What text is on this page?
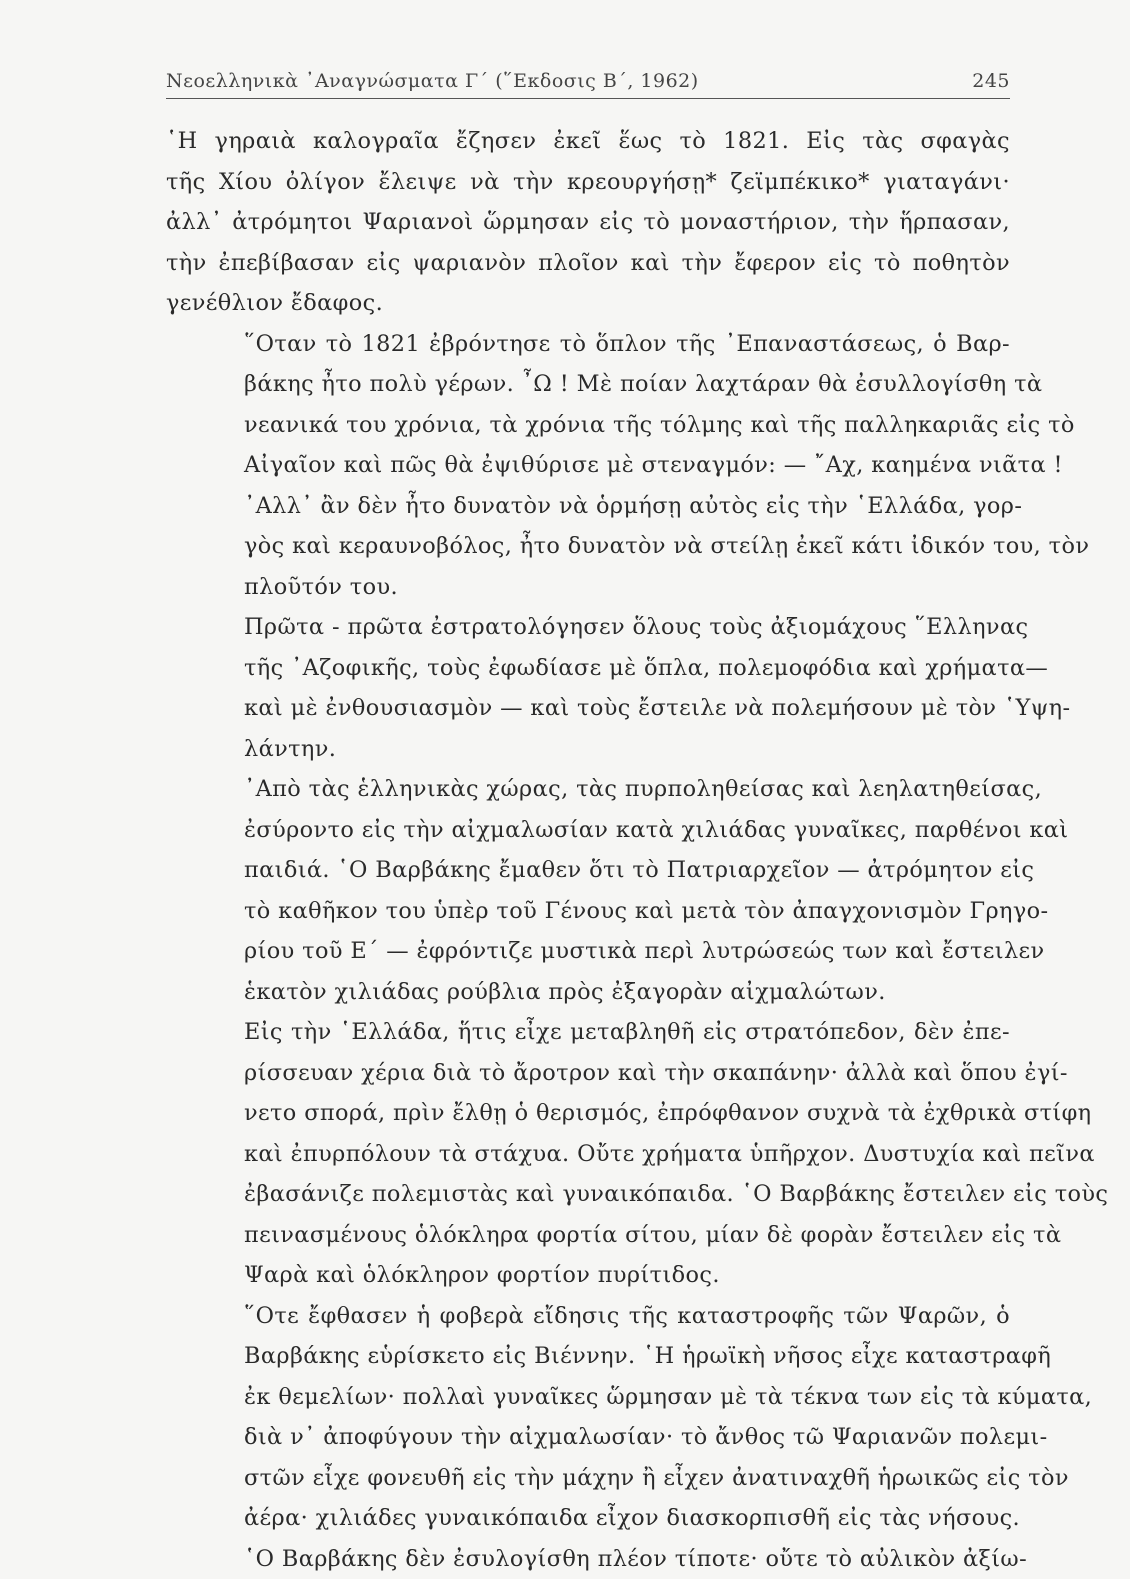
Νεοελληνικὰ ᾿Αναγνώσματα Γ΄ (῞Εκδοσις Β΄, 1962)	245

῾Η γηραιὰ καλογραῖα ἔζησεν ἐκεῖ ἕως τὸ 1821. Εἰς τὰς σφαγὰς
τῆς Χίου ὀλίγον ἔλειψε νὰ τὴν κρεουργήσῃ* ζεϊμπέκικο* γιαταγάνι·
ἀλλ᾿ ἀτρόμητοι Ψαριανοὶ ὥρμησαν εἰς τὸ μοναστήριον, τὴν ἥρπασαν,
τὴν ἐπεβίβασαν εἰς ψαριανὸν πλοῖον καὶ τὴν ἔφερον εἰς τὸ ποθητὸν
γενέθλιον ἔδαφος.

῞Οταν τὸ 1821 ἐβρόντησε τὸ ὅπλον τῆς ᾿Επαναστάσεως, ὁ Βαρ-
βάκης ἦτο πολὺ γέρων. ῏Ω ! Μὲ ποίαν λαχτάραν θὰ ἐσυλλογίσθη τὰ
νεανικά του χρόνια, τὰ χρόνια τῆς τόλμης καὶ τῆς παλληκαριᾶς εἰς τὸ
Αἰγαῖον καὶ πῶς θὰ ἐψιθύρισε μὲ στεναγμόν: — ῎Αχ, καημένα νιᾶτα !

᾿Αλλ᾿ ἂν δὲν ἦτο δυνατὸν νὰ ὁρμήσῃ αὐτὸς εἰς τὴν ῾Ελλάδα, γορ-
γὸς καὶ κεραυνοβόλος, ἦτο δυνατὸν νὰ στείλῃ ἐκεῖ κάτι ἰδικόν του, τὸν
πλοῦτόν του.

Πρῶτα - πρῶτα ἐστρατολόγησεν ὅλους τοὺς ἀξιομάχους ῞Ελληνας
τῆς ᾿Αζοφικῆς, τοὺς ἐφωδίασε μὲ ὅπλα, πολεμοφόδια καὶ χρήματα—
καὶ μὲ ἐνθουσιασμὸν — καὶ τοὺς ἔστειλε νὰ πολεμήσουν μὲ τὸν ῾Υψη-
λάντην.

᾿Απὸ τὰς ἑλληνικὰς χώρας, τὰς πυρποληθείσας καὶ λεηλατηθείσας,
ἐσύροντο εἰς τὴν αἰχμαλωσίαν κατὰ χιλιάδας γυναῖκες, παρθένοι καὶ
παιδιά. ῾Ο Βαρβάκης ἔμαθεν ὅτι τὸ Πατριαρχεῖον — ἀτρόμητον εἰς
τὸ καθῆκον του ὑπὲρ τοῦ Γένους καὶ μετὰ τὸν ἀπαγχονισμὸν Γρηγο-
ρίου τοῦ Ε΄ — ἐφρόντιζε μυστικὰ περὶ λυτρώσεώς των καὶ ἔστειλεν
ἑκατὸν χιλιάδας ρούβλια πρὸς ἐξαγορὰν αἰχμαλώτων.

Εἰς τὴν ῾Ελλάδα, ἥτις εἶχε μεταβληθῆ εἰς στρατόπεδον, δὲν ἐπε-
ρίσσευαν χέρια διὰ τὸ ἄροτρον καὶ τὴν σκαπάνην· ἀλλὰ καὶ ὅπου ἐγί-
νετο σπορά, πρὶν ἔλθῃ ὁ θερισμός, ἐπρόφθανον συχνὰ τὰ ἐχθρικὰ στίφη
καὶ ἐπυρπόλουν τὰ στάχυα. Οὔτε χρήματα ὑπῆρχον. Δυστυχία καὶ πεῖνα
ἐβασάνιζε πολεμιστὰς καὶ γυναικόπαιδα. ῾Ο Βαρβάκης ἔστειλεν εἰς τοὺς
πεινασμένους ὁλόκληρα φορτία σίτου, μίαν δὲ φορὰν ἔστειλεν εἰς τὰ
Ψαρὰ καὶ ὁλόκληρον φορτίον πυρίτιδος.

῞Οτε ἔφθασεν ἡ φοβερὰ εἴδησις τῆς καταστροφῆς τῶν Ψαρῶν, ὁ
Βαρβάκης εὑρίσκετο εἰς Βιέννην. ῾Η ἡρωϊκὴ νῆσος εἶχε καταστραφῆ
ἐκ θεμελίων· πολλαὶ γυναῖκες ὥρμησαν μὲ τὰ τέκνα των εἰς τὰ κύματα,
διὰ ν᾿ ἀποφύγουν τὴν αἰχμαλωσίαν· τὸ ἄνθος τῶ Ψαριανῶν πολεμι-
στῶν εἶχε φονευθῆ εἰς τὴν μάχην ἢ εἶχεν ἀνατιναχθῆ ἡρωικῶς εἰς τὸν
ἀέρα· χιλιάδες γυναικόπαιδα εἶχον διασκορπισθῆ εἰς τὰς νήσους.

῾Ο Βαρβάκης δὲν ἐσυλογίσθη πλέον τίποτε· οὔτε τὸ αὐλικὸν ἀξίω-
